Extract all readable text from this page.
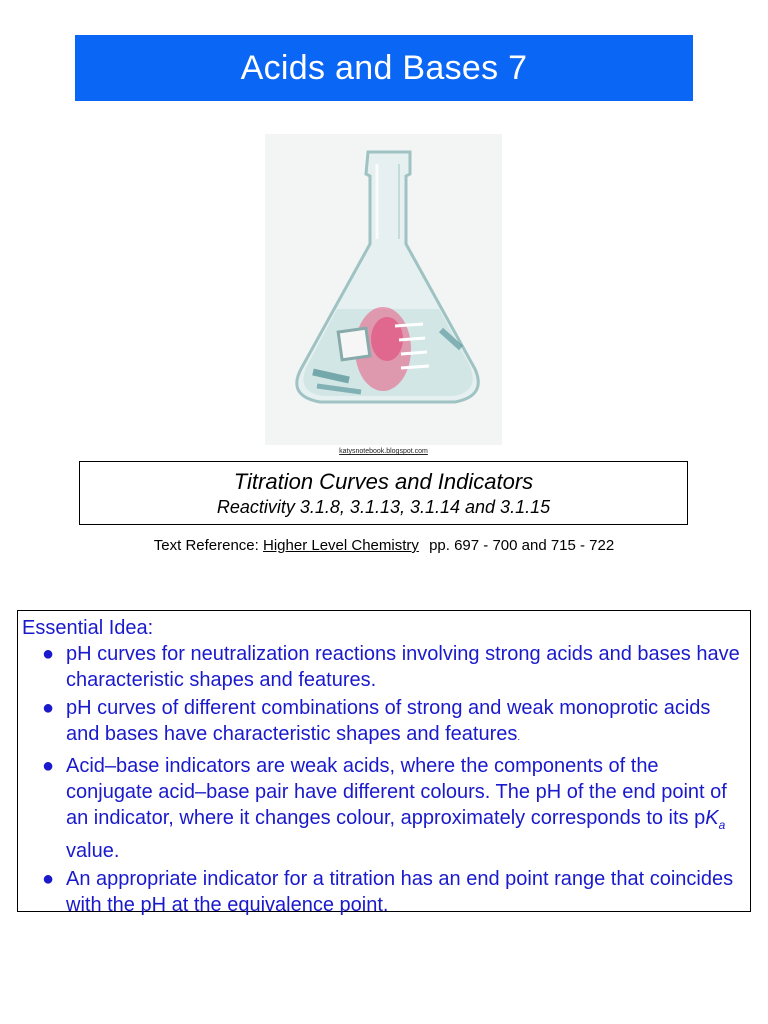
Acids and Bases 7
katysnotebook.blogspot.com
Titration Curves and Indicators
Reactivity 3.1.8, 3.1.13, 3.1.14 and 3.1.15
Text Reference: Higher Level Chemistry pp. 697 - 700 and 715 - 722
Essential Idea:
● pH curves for neutralization reactions involving strong acids and bases have characteristic shapes and features.
● pH curves of different combinations of strong and weak monoprotic acids and bases have characteristic shapes and features.
● Acid–base indicators are weak acids, where the components of the conjugate acid–base pair have different colours. The pH of the end point of an indicator, where it changes colour, approximately corresponds to its $pK_a$ value.
● An appropriate indicator for a titration has an end point range that coincides with the pH at the equivalence point.
